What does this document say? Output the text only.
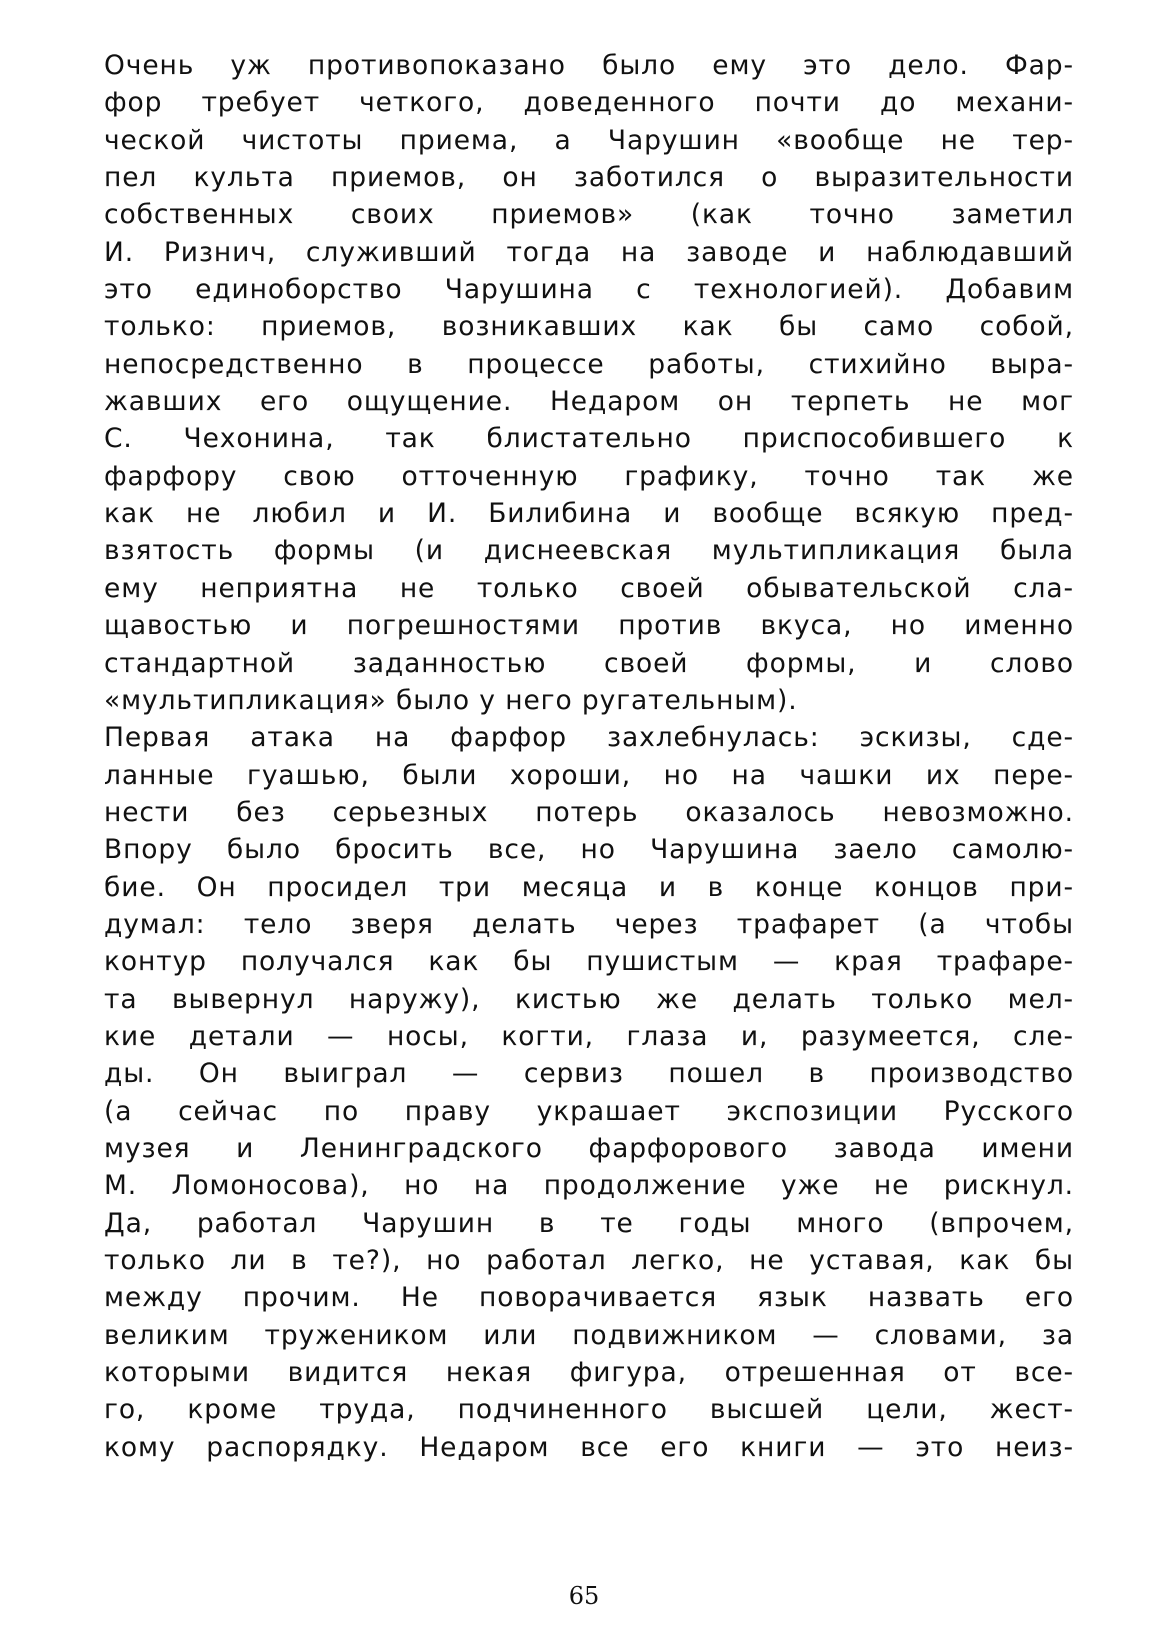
Очень уж противопоказано было ему это дело. Фар-
фор требует четкого, доведенного почти до механи-
ческой чистоты приема, а Чарушин «вообще не тер-
пел культа приемов, он заботился о выразительности
собственных своих приемов» (как точно заметил
И. Ризнич, служивший тогда на заводе и наблюдавший
это единоборство Чарушина с технологией). Добавим
только: приемов, возникавших как бы само собой,
непосредственно в процессе работы, стихийно выра-
жавших его ощущение. Недаром он терпеть не мог
С. Чехонина, так блистательно приспособившего к
фарфору свою отточенную графику, точно так же
как не любил и И. Билибина и вообще всякую пред-
взятость формы (и диснеевская мультипликация была
ему неприятна не только своей обывательской сла-
щавостью и погрешностями против вкуса, но именно
стандартной заданностью своей формы, и слово
«мультипликация» было у него ругательным).
Первая атака на фарфор захлебнулась: эскизы, сде-
ланные гуашью, были хороши, но на чашки их пере-
нести без серьезных потерь оказалось невозможно.
Впору было бросить все, но Чарушина заело самолю-
бие. Он просидел три месяца и в конце концов при-
думал: тело зверя делать через трафарет (а чтобы
контур получался как бы пушистым — края трафаре-
та вывернул наружу), кистью же делать только мел-
кие детали — носы, когти, глаза и, разумеется, сле-
ды. Он выиграл — сервиз пошел в производство
(а сейчас по праву украшает экспозиции Русского
музея и Ленинградского фарфорового завода имени
М. Ломоносова), но на продолжение уже не рискнул.
Да, работал Чарушин в те годы много (впрочем,
только ли в те?), но работал легко, не уставая, как бы
между прочим. Не поворачивается язык назвать его
великим тружеником или подвижником — словами, за
которыми видится некая фигура, отрешенная от все-
го, кроме труда, подчиненного высшей цели, жест-
кому распорядку. Недаром все его книги — это неиз-
65
